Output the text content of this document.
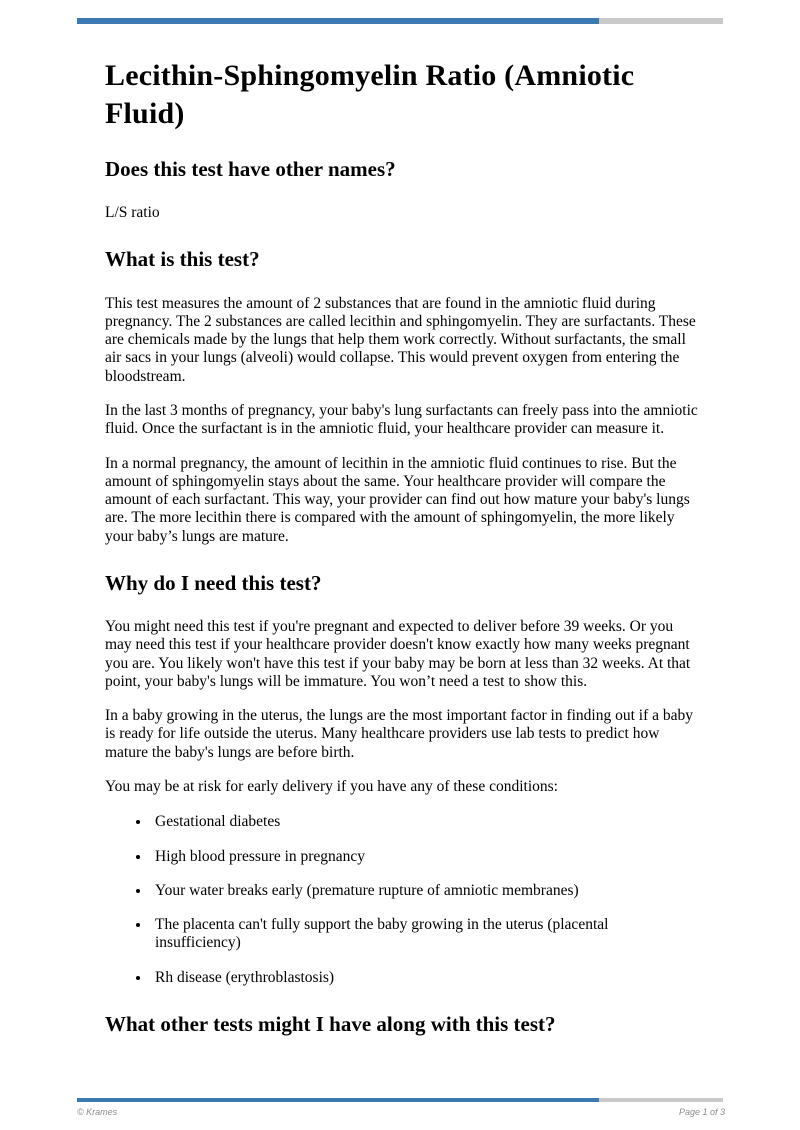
Lecithin-Sphingomyelin Ratio (Amniotic Fluid)
Does this test have other names?

L/S ratio

What is this test?

This test measures the amount of 2 substances that are found in the amniotic fluid during pregnancy. The 2 substances are called lecithin and sphingomyelin. They are surfactants. These are chemicals made by the lungs that help them work correctly. Without surfactants, the small air sacs in your lungs (alveoli) would collapse. This would prevent oxygen from entering the bloodstream.

In the last 3 months of pregnancy, your baby's lung surfactants can freely pass into the amniotic fluid. Once the surfactant is in the amniotic fluid, your healthcare provider can measure it.

In a normal pregnancy, the amount of lecithin in the amniotic fluid continues to rise. But the amount of sphingomyelin stays about the same. Your healthcare provider will compare the amount of each surfactant. This way, your provider can find out how mature your baby's lungs are. The more lecithin there is compared with the amount of sphingomyelin, the more likely your baby’s lungs are mature.

Why do I need this test?

You might need this test if you're pregnant and expected to deliver before 39 weeks. Or you may need this test if your healthcare provider doesn't know exactly how many weeks pregnant you are. You likely won't have this test if your baby may be born at less than 32 weeks. At that point, your baby's lungs will be immature. You won’t need a test to show this.

In a baby growing in the uterus, the lungs are the most important factor in finding out if a baby is ready for life outside the uterus. Many healthcare providers use lab tests to predict how mature the baby's lungs are before birth.

You may be at risk for early delivery if you have any of these conditions:

• Gestational diabetes
• High blood pressure in pregnancy
• Your water breaks early (premature rupture of amniotic membranes)
• The placenta can't fully support the baby growing in the uterus (placental insufficiency)
• Rh disease (erythroblastosis)
What other tests might I have along with this test?
© Krames	Page 1 of 3
